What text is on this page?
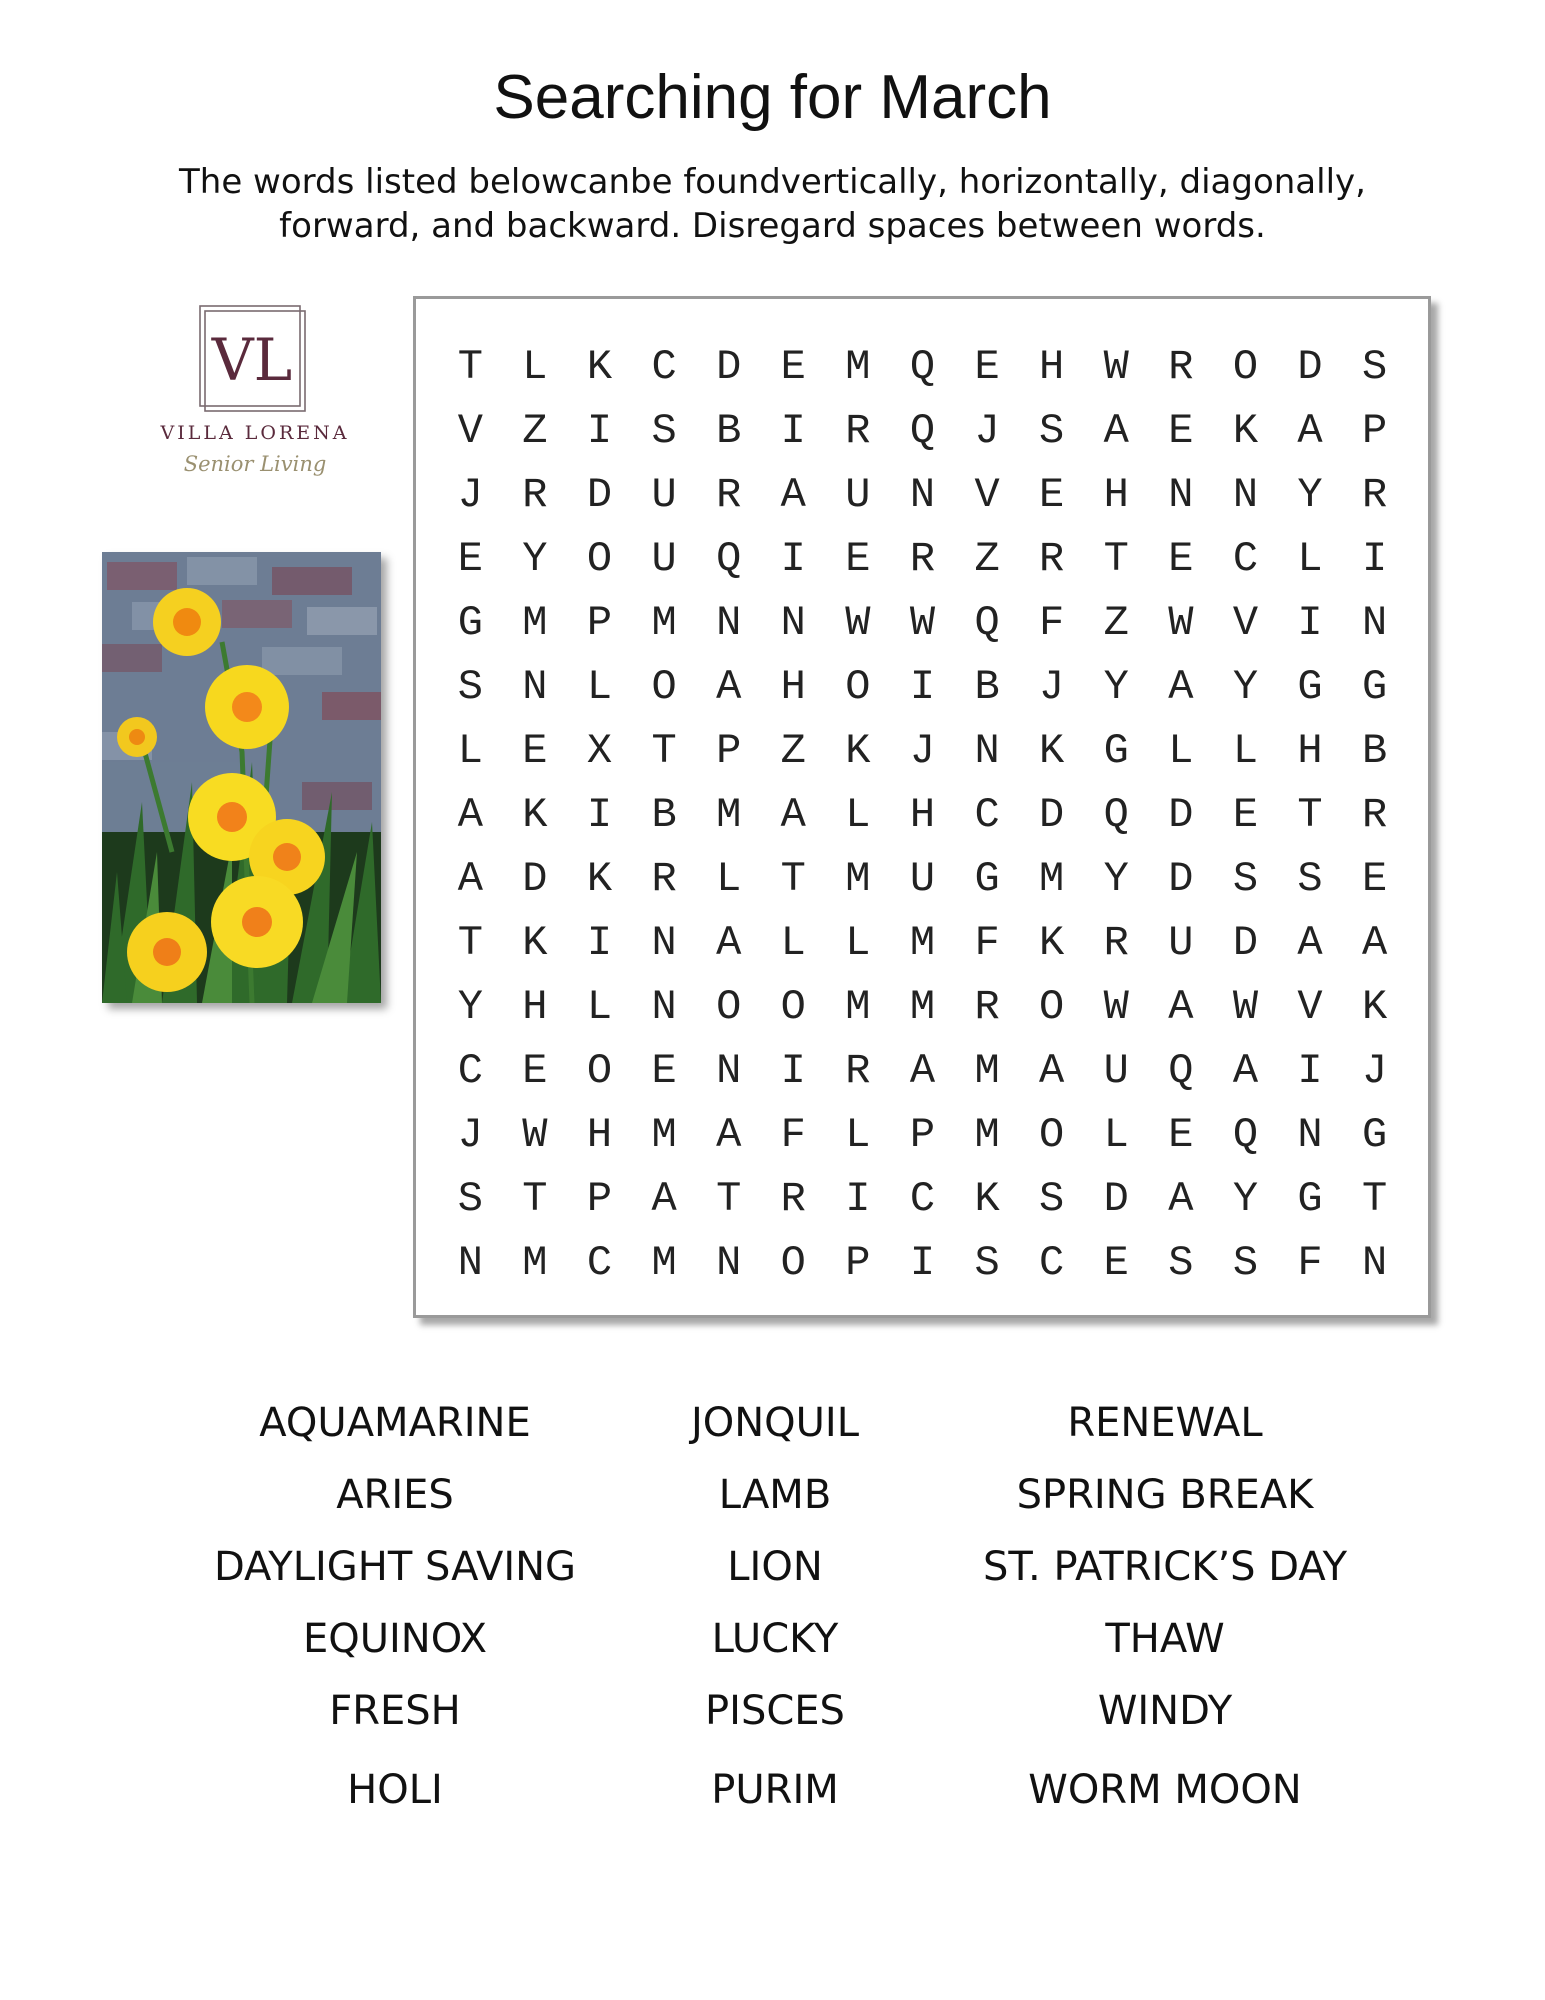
Searching for March
The words listed belowcanbe foundvertically, horizontally, diagonally,
forward, and backward. Disregard spaces between words.
VL
VILLA LORENA
Senior Living
T L K C D E M Q E H W R O D S
V Z I S B I R Q J S A E K A P
J R D U R A U N V E H N N Y R
E Y O U Q I E R Z R T E C L I
G M P M N N W W Q F Z W V I N
S N L O A H O I B J Y A Y G G
L E X T P Z K J N K G L L H B
A K I B M A L H C D Q D E T R
A D K R L T M U G M Y D S S E
T K I N A L L M F K R U D A A
Y H L N O O M M R O W A W V K
C E O E N I R A M A U Q A I J
J W H M A F L P M O L E Q N G
S T P A T R I C K S D A Y G T
N M C M N O P I S C E S S F N
AQUAMARINE
ARIES
DAYLIGHT SAVING
EQUINOX
FRESH
HOLI
JONQUIL
LAMB
LION
LUCKY
PISCES
PURIM
RENEWAL
SPRING BREAK
ST. PATRICK’S DAY
THAW
WINDY
WORM MOON
